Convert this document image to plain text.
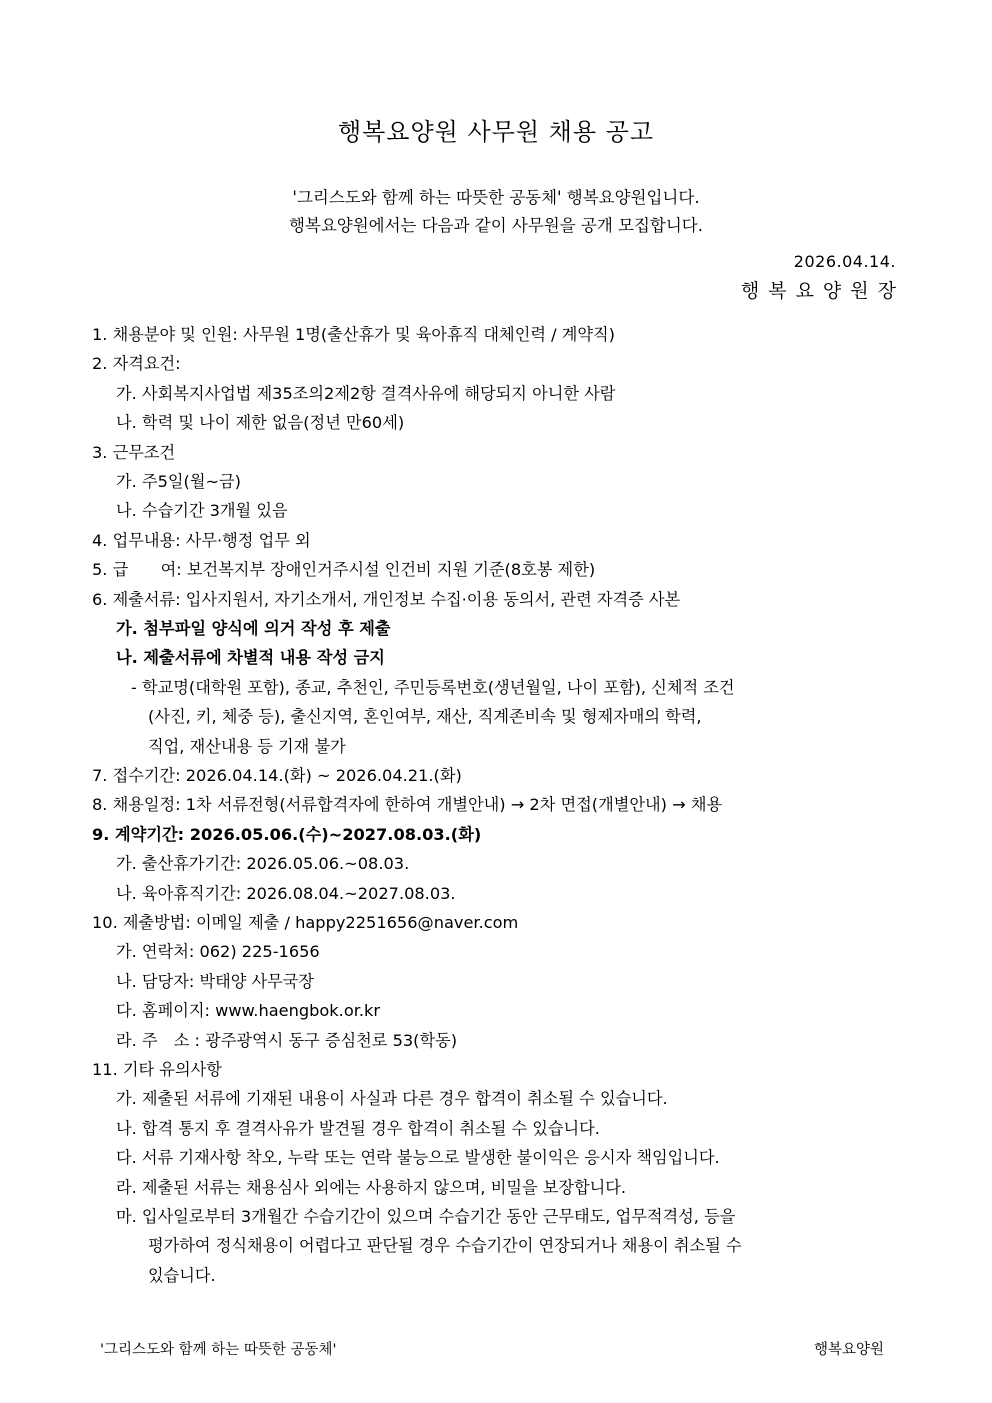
행복요양원 사무원 채용 공고
'그리스도와 함께 하는 따뜻한 공동체' 행복요양원입니다.
행복요양원에서는 다음과 같이 사무원을 공개 모집합니다.
2026.04.14.
행복요양원장
1. 채용분야 및 인원: 사무원 1명(출산휴가 및 육아휴직 대체인력 / 계약직)
2. 자격요건:
가. 사회복지사업법 제35조의2제2항 결격사유에 해당되지 아니한 사람
나. 학력 및 나이 제한 없음(정년 만60세)
3. 근무조건
가. 주5일(월~금)
나. 수습기간 3개월 있음
4. 업무내용: 사무·행정 업무 외
5. 급　　여: 보건복지부 장애인거주시설 인건비 지원 기준(8호봉 제한)
6. 제출서류: 입사지원서, 자기소개서, 개인정보 수집·이용 동의서, 관련 자격증 사본
가. 첨부파일 양식에 의거 작성 후 제출
나. 제출서류에 차별적 내용 작성 금지
- 학교명(대학원 포함), 종교, 추천인, 주민등록번호(생년월일, 나이 포함), 신체적 조건
(사진, 키, 체중 등), 출신지역, 혼인여부, 재산, 직계존비속 및 형제자매의 학력,
직업, 재산내용 등 기재 불가
7. 접수기간: 2026.04.14.(화) ~ 2026.04.21.(화)
8. 채용일정: 1차 서류전형(서류합격자에 한하여 개별안내) → 2차 면접(개별안내) → 채용
9. 계약기간: 2026.05.06.(수)~2027.08.03.(화)
가. 출산휴가기간: 2026.05.06.~08.03.
나. 육아휴직기간: 2026.08.04.~2027.08.03.
10. 제출방법: 이메일 제출 / happy2251656@naver.com
가. 연락처: 062) 225-1656
나. 담당자: 박태양 사무국장
다. 홈페이지: www.haengbok.or.kr
라. 주　소 : 광주광역시 동구 증심천로 53(학동)
11. 기타 유의사항
가. 제출된 서류에 기재된 내용이 사실과 다른 경우 합격이 취소될 수 있습니다.
나. 합격 통지 후 결격사유가 발견될 경우 합격이 취소될 수 있습니다.
다. 서류 기재사항 착오, 누락 또는 연락 불능으로 발생한 불이익은 응시자 책임입니다.
라. 제출된 서류는 채용심사 외에는 사용하지 않으며, 비밀을 보장합니다.
마. 입사일로부터 3개월간 수습기간이 있으며 수습기간 동안 근무태도, 업무적격성, 등을
평가하여 정식채용이 어렵다고 판단될 경우 수습기간이 연장되거나 채용이 취소될 수
있습니다.
'그리스도와 함께 하는 따뜻한 공동체'	행복요양원
